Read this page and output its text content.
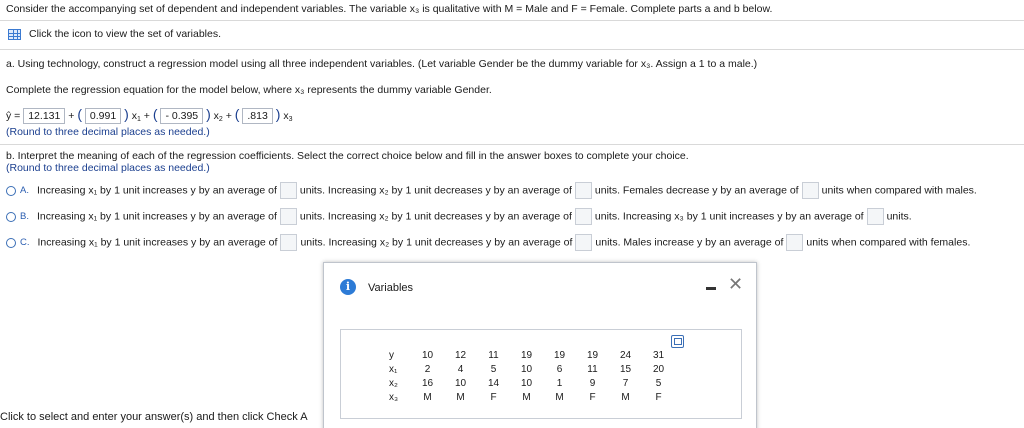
Consider the accompanying set of dependent and independent variables. The variable x₃ is qualitative with M = Male and F = Female. Complete parts a and b below.
Click the icon to view the set of variables.
a. Using technology, construct a regression model using all three independent variables. (Let variable Gender be the dummy variable for x₃. Assign a 1 to a male.)
Complete the regression equation for the model below, where x₃ represents the dummy variable Gender.
ŷ = 12.131 + ( 0.991 ) $x_1$ + ( - 0.395 ) $x_2$ + ( .813 ) $x_3$
(Round to three decimal places as needed.)
b. Interpret the meaning of each of the regression coefficients. Select the correct choice below and fill in the answer boxes to complete your choice.
(Round to three decimal places as needed.)
A. Increasing x₁ by 1 unit increases y by an average of units. Increasing x₂ by 1 unit decreases y by an average of units. Females decrease y by an average of units when compared with males.
B. Increasing x₁ by 1 unit increases y by an average of units. Increasing x₂ by 1 unit decreases y by an average of units. Increasing x₃ by 1 unit increases y by an average of units.
C. Increasing x₁ by 1 unit increases y by an average of units. Increasing x₂ by 1 unit decreases y by an average of units. Males increase y by an average of units when compared with females.
Click to select and enter your answer(s) and then click Check A
i	Variables	✕
y	10	12	11	19	19	19	24	31
x₁	2	4	5	10	6	11	15	20
x₂	16	10	14	10	1	9	7	5
x₃	M	M	F	M	M	F	M	F
